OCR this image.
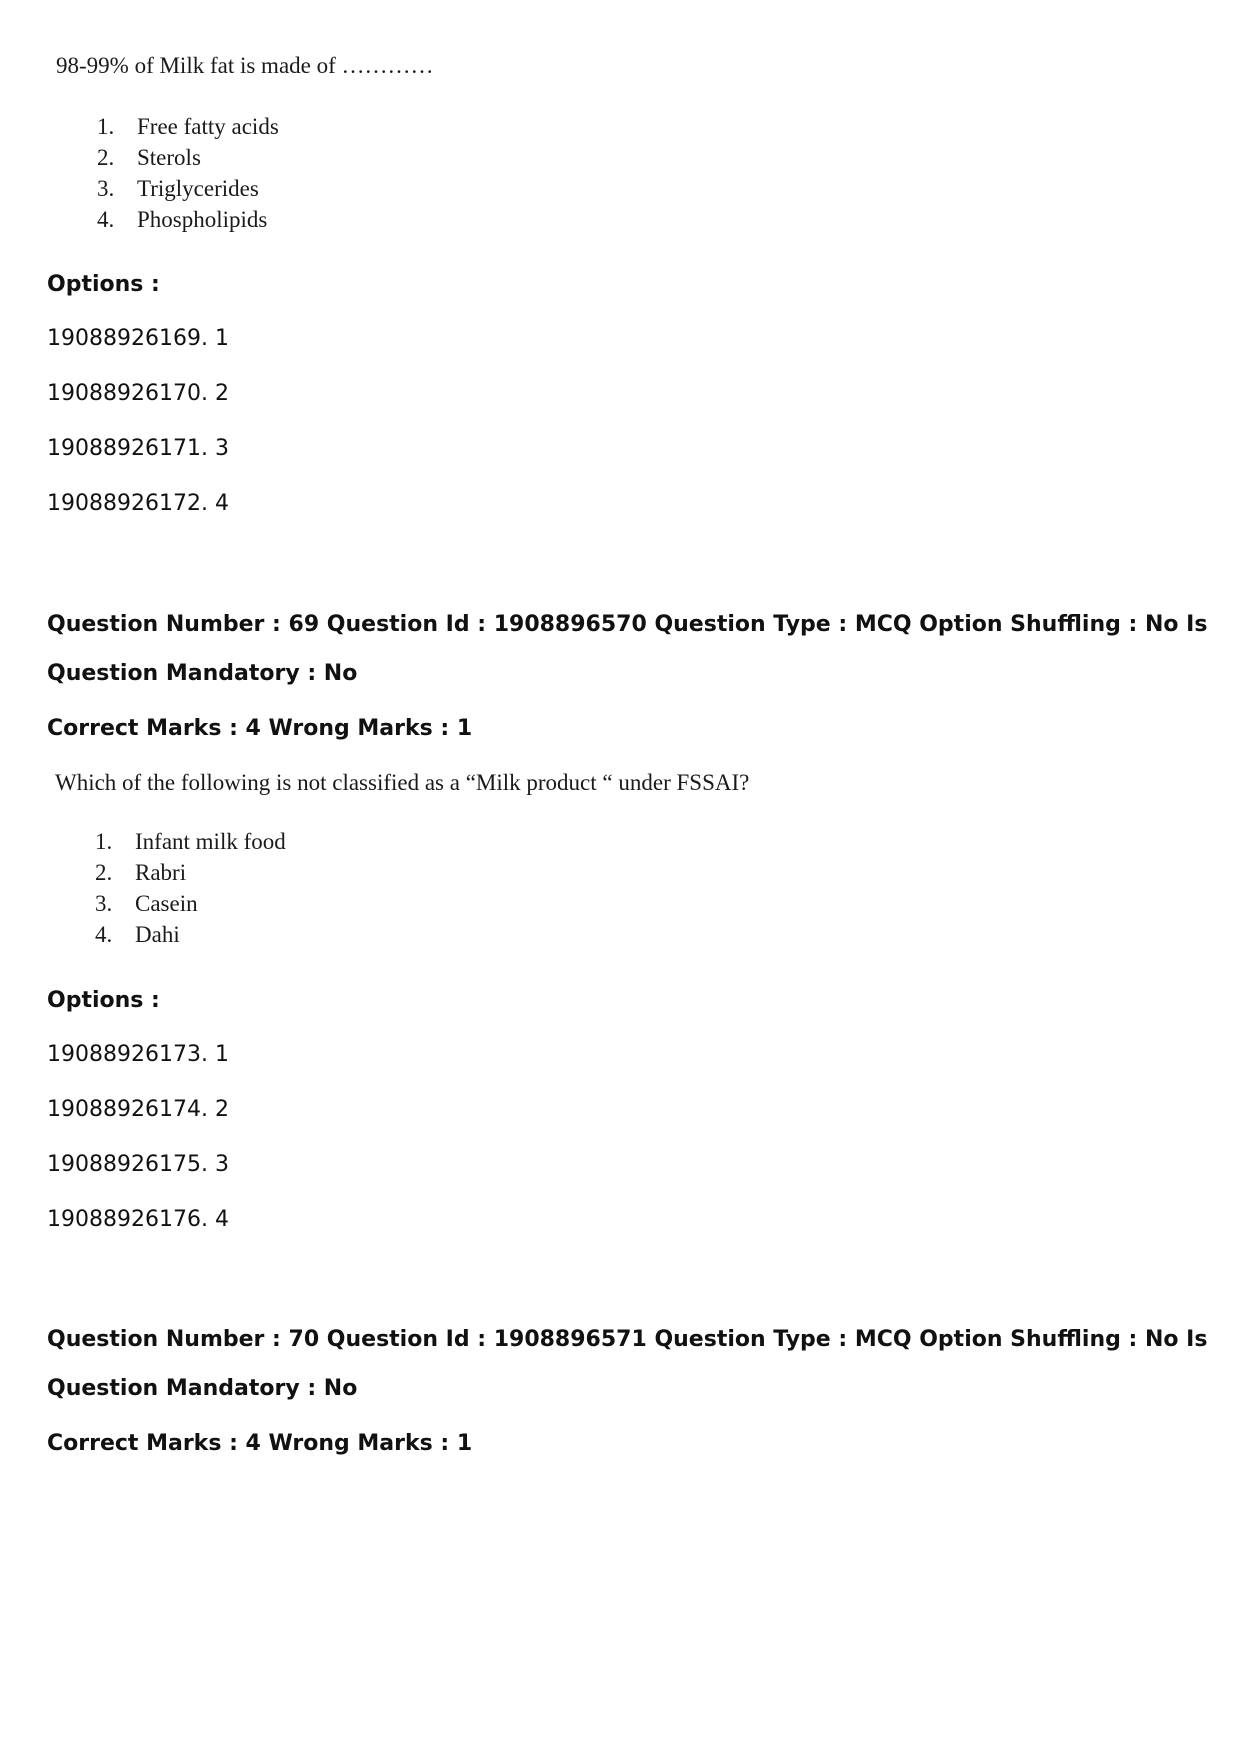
98-99% of Milk fat is made of …………
1. Free fatty acids
2. Sterols
3. Triglycerides
4. Phospholipids
Options :
19088926169. 1
19088926170. 2
19088926171. 3
19088926172. 4
Question Number : 69 Question Id : 1908896570 Question Type : MCQ Option Shuffling : No Is
Question Mandatory : No
Correct Marks : 4 Wrong Marks : 1
Which of the following is not classified as a “Milk product “ under FSSAI?
1. Infant milk food
2. Rabri
3. Casein
4. Dahi
Options :
19088926173. 1
19088926174. 2
19088926175. 3
19088926176. 4
Question Number : 70 Question Id : 1908896571 Question Type : MCQ Option Shuffling : No Is
Question Mandatory : No
Correct Marks : 4 Wrong Marks : 1
